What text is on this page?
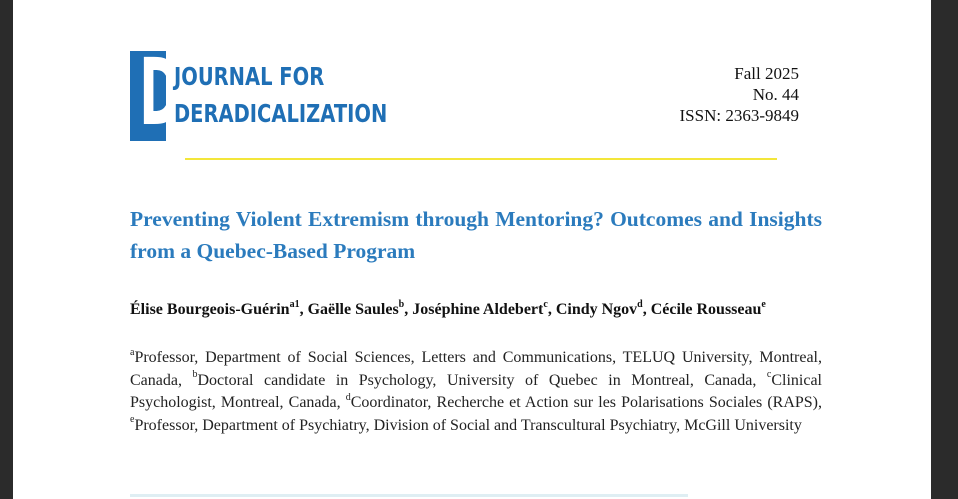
D
JOURNAL FOR
DERADICALIZATION
Fall 2025
No. 44
ISSN: 2363-9849
Preventing Violent Extremism through Mentoring? Outcomes and Insights from a Quebec-Based Program
Élise Bourgeois-Guérin$^{a1}$, Gaëlle Saules$^b$, Joséphine Aldebert$^c$, Cindy Ngov$^d$, Cécile Rousseau$^e$
$^a$Professor, Department of Social Sciences, Letters and Communications, TELUQ University, Montreal, Canada, $^b$Doctoral candidate in Psychology, University of Quebec in Montreal, Canada, $^c$Clinical Psychologist, Montreal, Canada, $^d$Coordinator, Recherche et Action sur les Polarisations Sociales (RAPS), $^e$Professor, Department of Psychiatry, Division of Social and Transcultural Psychiatry, McGill University
